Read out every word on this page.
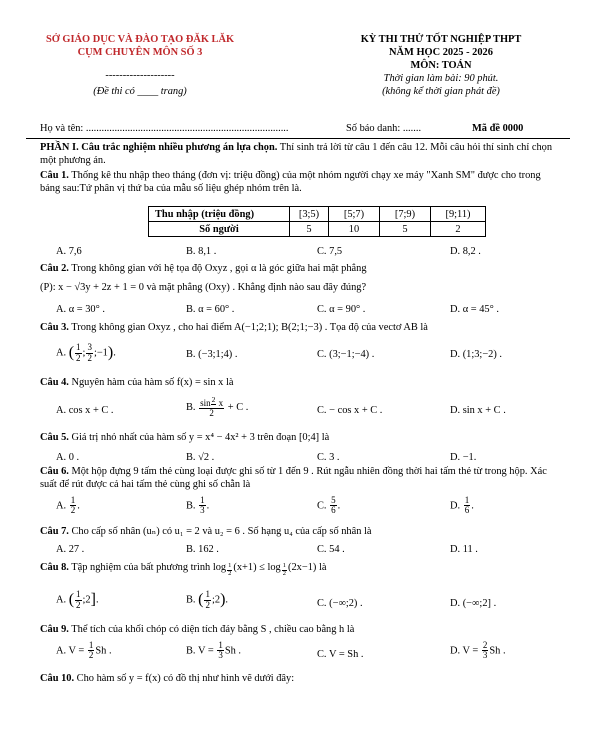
SỞ GIÁO DỤC VÀ ĐÀO TẠO ĐĂK LĂK
CỤM CHUYÊN MÔN SỐ 3
--------------------
(Đề thi có ____ trang)
KỲ THI THỬ TỐT NGHIỆP THPT
NĂM HỌC 2025 - 2026
MÔN: TOÁN
Thời gian làm bài: 90 phút.
(không kể thời gian phát đề)
Họ và tên: ..............................................................................	Số báo danh: .......	Mã đề 0000
PHẦN I. Câu trắc nghiệm nhiều phương án lựa chọn. Thí sinh trả lời từ câu 1 đến câu 12. Mỗi câu hỏi thí sinh chỉ chọn một phương án.
Câu 1. Thống kê thu nhập theo tháng (đơn vị: triệu đồng) của một nhóm người chạy xe máy "Xanh SM" được cho trong bảng sau:Tứ phân vị thứ ba của mẫu số liệu ghép nhóm trên là.
Thu nhập (triệu đồng)	[3;5)	[5;7)	[7;9)	[9;11)
Số người	5	10	5	2
A. 7,6	B. 8,1 .	C. 7,5	D. 8,2 .
Câu 2. Trong không gian với hệ tọa độ Oxyz , gọi α là góc giữa hai mặt phẳng
(P): x − √3y + 2z + 1 = 0 và mặt phẳng (Oxy) . Khẳng định nào sau đây đúng?
A. α = 30° .	B. α = 60° .	C. α = 90° .	D. α = 45° .
Câu 3. Trong không gian Oxyz , cho hai điểm A(−1;2;1); B(2;1;−3) . Tọa độ của vectơ AB là
A. ( $\frac{1}{2}$ ; $\frac{3}{2}$ ;−1).	B. (−3;1;4) .	C. (3;−1;−4) .	D. (1;3;−2) .
Câu 4. Nguyên hàm của hàm số f(x) = sin x là
A. cos x + C .	B. $\frac{\sin^2 x}{2} + C$ .	C. − cos x + C .	D. sin x + C .
Câu 5. Giá trị nhỏ nhất của hàm số y = x⁴ − 4x² + 3 trên đoạn [0;4] là
A. 0 .	B. √2 .	C. 3 .	D. −1.
Câu 6. Một hộp đựng 9 tấm thẻ cùng loại được ghi số từ 1 đến 9 . Rút ngẫu nhiên đồng thời hai tấm thẻ từ trong hộp. Xác suất để rút được cả hai tấm thẻ cùng ghi số chẵn là
A. $\frac{1}{2}$ .	B. $\frac{1}{3}$ .	C. $\frac{5}{6}$ .	D. $\frac{1}{6}$ .
Câu 7. Cho cấp số nhân (uₙ) có u₁ = 2 và u₂ = 6 . Số hạng u₄ của cấp số nhân là
A. 27 .	B. 162 .	C. 54 .	D. 11 .
Câu 8. Tập nghiệm của bất phương trình log $_{\frac{1}{2}}$ (x+1) ≤ log $_{\frac{1}{2}}$ (2x−1) là
A. ( $\frac{1}{2}$ ;2].	B. ( $\frac{1}{2}$ ;2).	C. (−∞;2) .	D. (−∞;2] .
Câu 9. Thể tích của khối chóp có diện tích đáy bằng S , chiều cao bằng h là
A. $V = \frac{1}{2}$ Sh .	B. $V = \frac{1}{3}$ Sh .	C. V = Sh .	D. $V = \frac{2}{3}$ Sh .
Câu 10. Cho hàm số y = f(x) có đồ thị như hình vẽ dưới đây:
